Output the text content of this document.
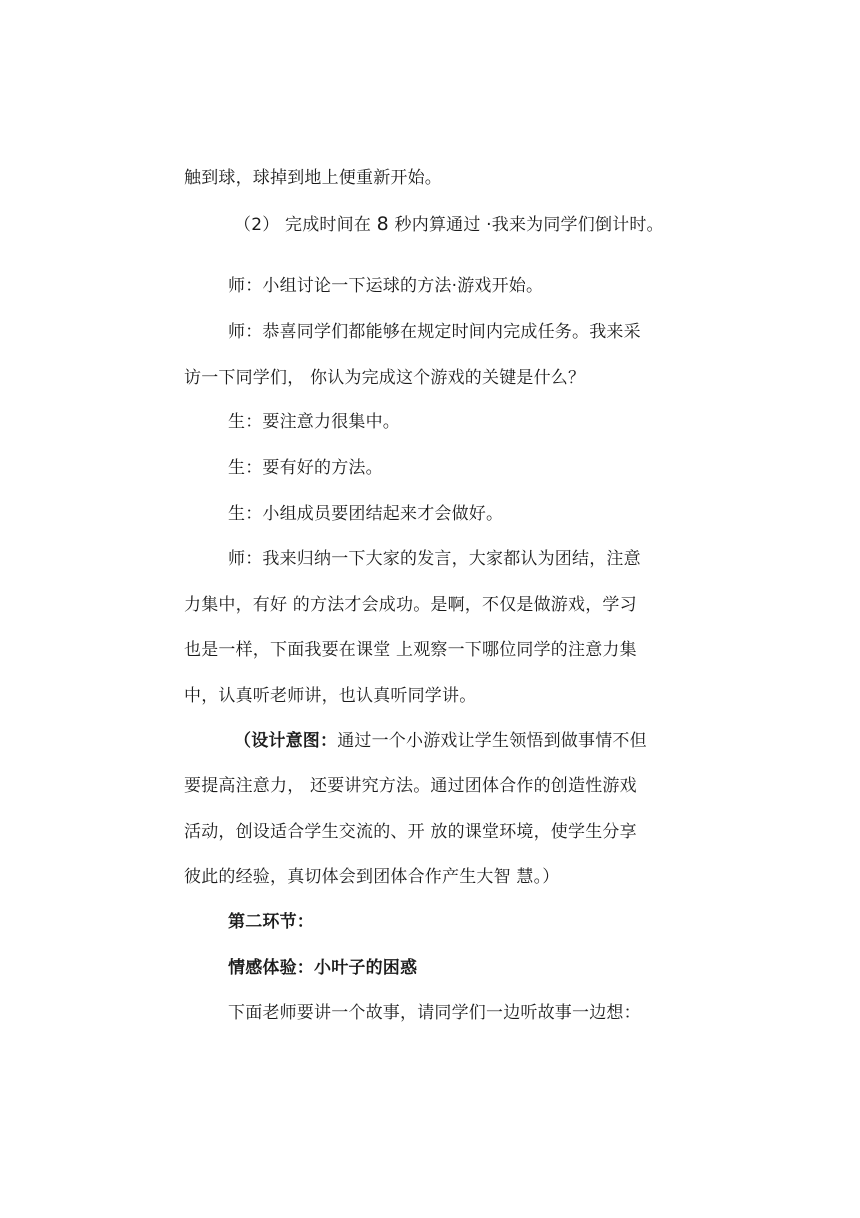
触到球，球掉到地上便重新开始。
（2） 完成时间在 8 秒内算通过 ·我来为同学们倒计时。
师：小组讨论一下运球的方法·游戏开始。
师：恭喜同学们都能够在规定时间内完成任务。我来采
访一下同学们， 你认为完成这个游戏的关键是什么？
生：要注意力很集中。
生：要有好的方法。
生：小组成员要团结起来才会做好。
师：我来归纳一下大家的发言，大家都认为团结，注意
力集中，有好 的方法才会成功。是啊，不仅是做游戏，学习
也是一样，下面我要在课堂 上观察一下哪位同学的注意力集
中，认真听老师讲，也认真听同学讲。
（设计意图：通过一个小游戏让学生领悟到做事情不但
要提高注意力， 还要讲究方法。通过团体合作的创造性游戏
活动，创设适合学生交流的、开 放的课堂环境，使学生分享
彼此的经验，真切体会到团体合作产生大智 慧。）
第二环节：
情感体验：小叶子的困惑
下面老师要讲一个故事，请同学们一边听故事一边想：
